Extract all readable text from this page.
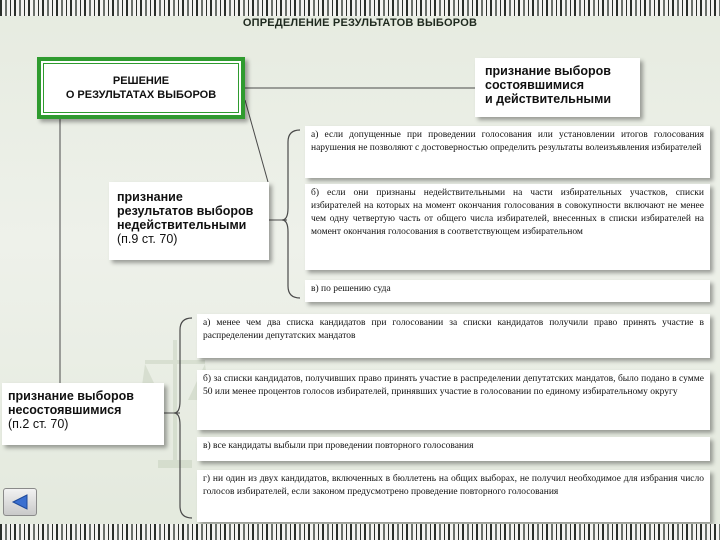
ОПРЕДЕЛЕНИЕ РЕЗУЛЬТАТОВ ВЫБОРОВ
РЕШЕНИЕ
О РЕЗУЛЬТАТАХ ВЫБОРОВ
признание выборов
состоявшимися
и действительными
признание
результатов выборов
недействительными
(п.9 ст. 70)
признание выборов
несостоявшимися
(п.2 ст. 70)
а) если допущенные при проведении голосования или установлении итогов голосования нарушения не позволяют с достоверностью определить результаты волеизъявления избирателей
б) если они признаны недействительными на части избирательных участков, списки избирателей на которых на момент окончания голосования в совокупности включают не менее чем одну четвертую часть от общего числа избирателей, внесенных в списки избирателей на момент окончания голосования в соответствующем избирательном
в) по решению суда
а) менее чем два списка кандидатов при голосовании за списки кандидатов получили право принять участие в распределении депутатских мандатов
б) за списки кандидатов, получивших право принять участие в распределении депутатских мандатов, было подано в сумме 50 или менее процентов голосов избирателей, принявших участие в голосовании по единому избирательному округу
в) все кандидаты выбыли при проведении повторного голосования
г) ни один из двух кандидатов, включенных в бюллетень на общих выборах, не получил необходимое для избрания число голосов избирателей, если законом предусмотрено проведение повторного голосования
